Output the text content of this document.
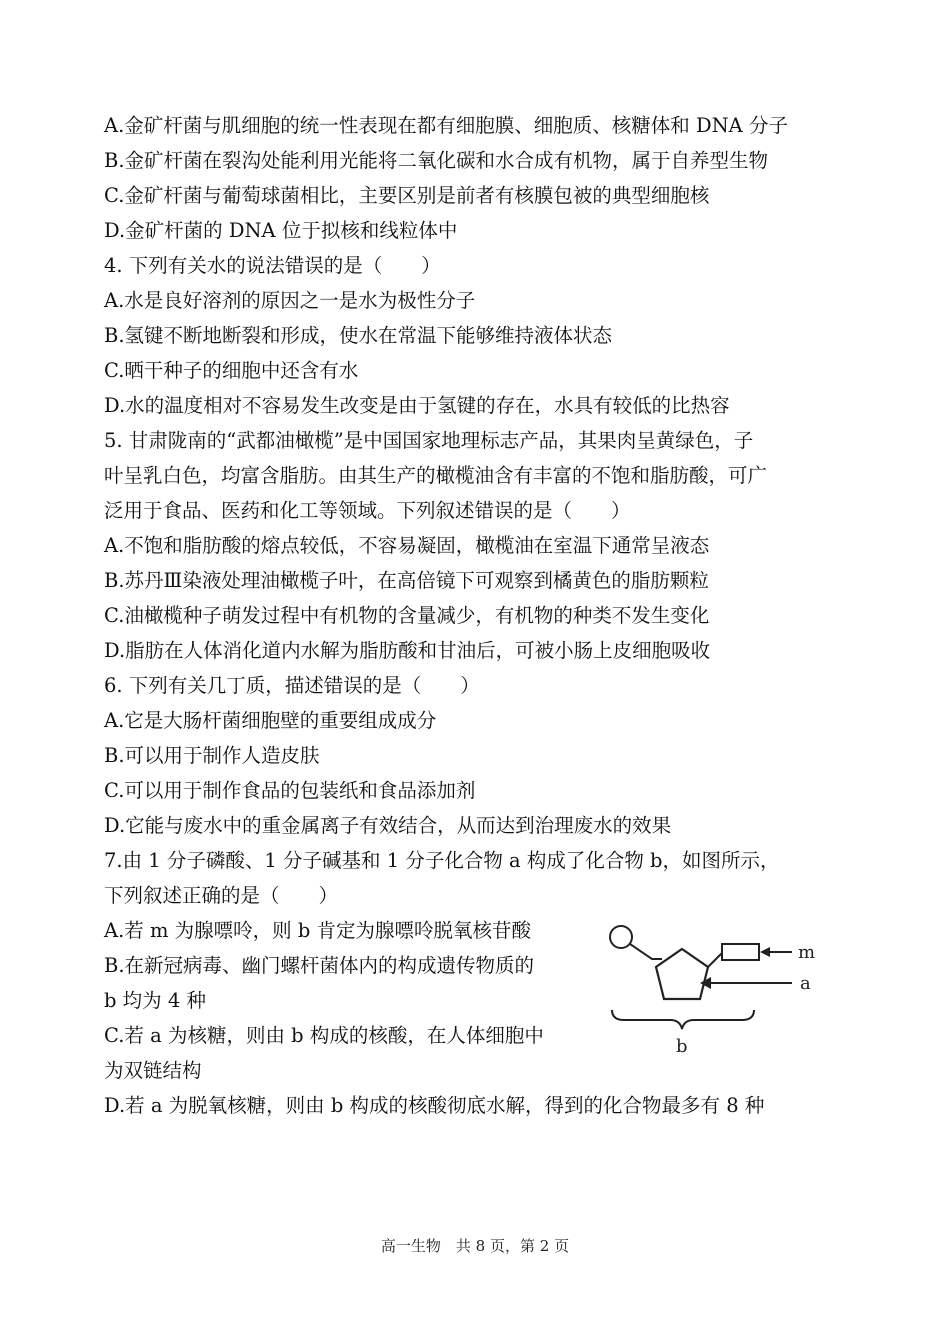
A.金矿杆菌与肌细胞的统一性表现在都有细胞膜、细胞质、核糖体和 DNA 分子
B.金矿杆菌在裂沟处能利用光能将二氧化碳和水合成有机物，属于自养型生物
C.金矿杆菌与葡萄球菌相比，主要区别是前者有核膜包被的典型细胞核
D.金矿杆菌的 DNA 位于拟核和线粒体中
4. 下列有关水的说法错误的是（　　）
A.水是良好溶剂的原因之一是水为极性分子
B.氢键不断地断裂和形成，使水在常温下能够维持液体状态
C.晒干种子的细胞中还含有水
D.水的温度相对不容易发生改变是由于氢键的存在，水具有较低的比热容
5. 甘肃陇南的“武都油橄榄”是中国国家地理标志产品，其果肉呈黄绿色，子
叶呈乳白色，均富含脂肪。由其生产的橄榄油含有丰富的不饱和脂肪酸，可广
泛用于食品、医药和化工等领域。下列叙述错误的是（　　）
A.不饱和脂肪酸的熔点较低，不容易凝固，橄榄油在室温下通常呈液态
B.苏丹Ⅲ染液处理油橄榄子叶，在高倍镜下可观察到橘黄色的脂肪颗粒
C.油橄榄种子萌发过程中有机物的含量减少，有机物的种类不发生变化
D.脂肪在人体消化道内水解为脂肪酸和甘油后，可被小肠上皮细胞吸收
6. 下列有关几丁质，描述错误的是（　　）
A.它是大肠杆菌细胞壁的重要组成成分
B.可以用于制作人造皮肤
C.可以用于制作食品的包装纸和食品添加剂
D.它能与废水中的重金属离子有效结合，从而达到治理废水的效果
7.由 1 分子磷酸、1 分子碱基和 1 分子化合物 a 构成了化合物 b，如图所示，
下列叙述正确的是（　　）
A.若 m 为腺嘌呤，则 b 肯定为腺嘌呤脱氧核苷酸
B.在新冠病毒、幽门螺杆菌体内的构成遗传物质的
b 均为 4 种
C.若 a 为核糖，则由 b 构成的核酸，在人体细胞中
为双链结构
m
a
b
D.若 a 为脱氧核糖，则由 b 构成的核酸彻底水解，得到的化合物最多有 8 种
高一生物　共 8 页，第 2 页
